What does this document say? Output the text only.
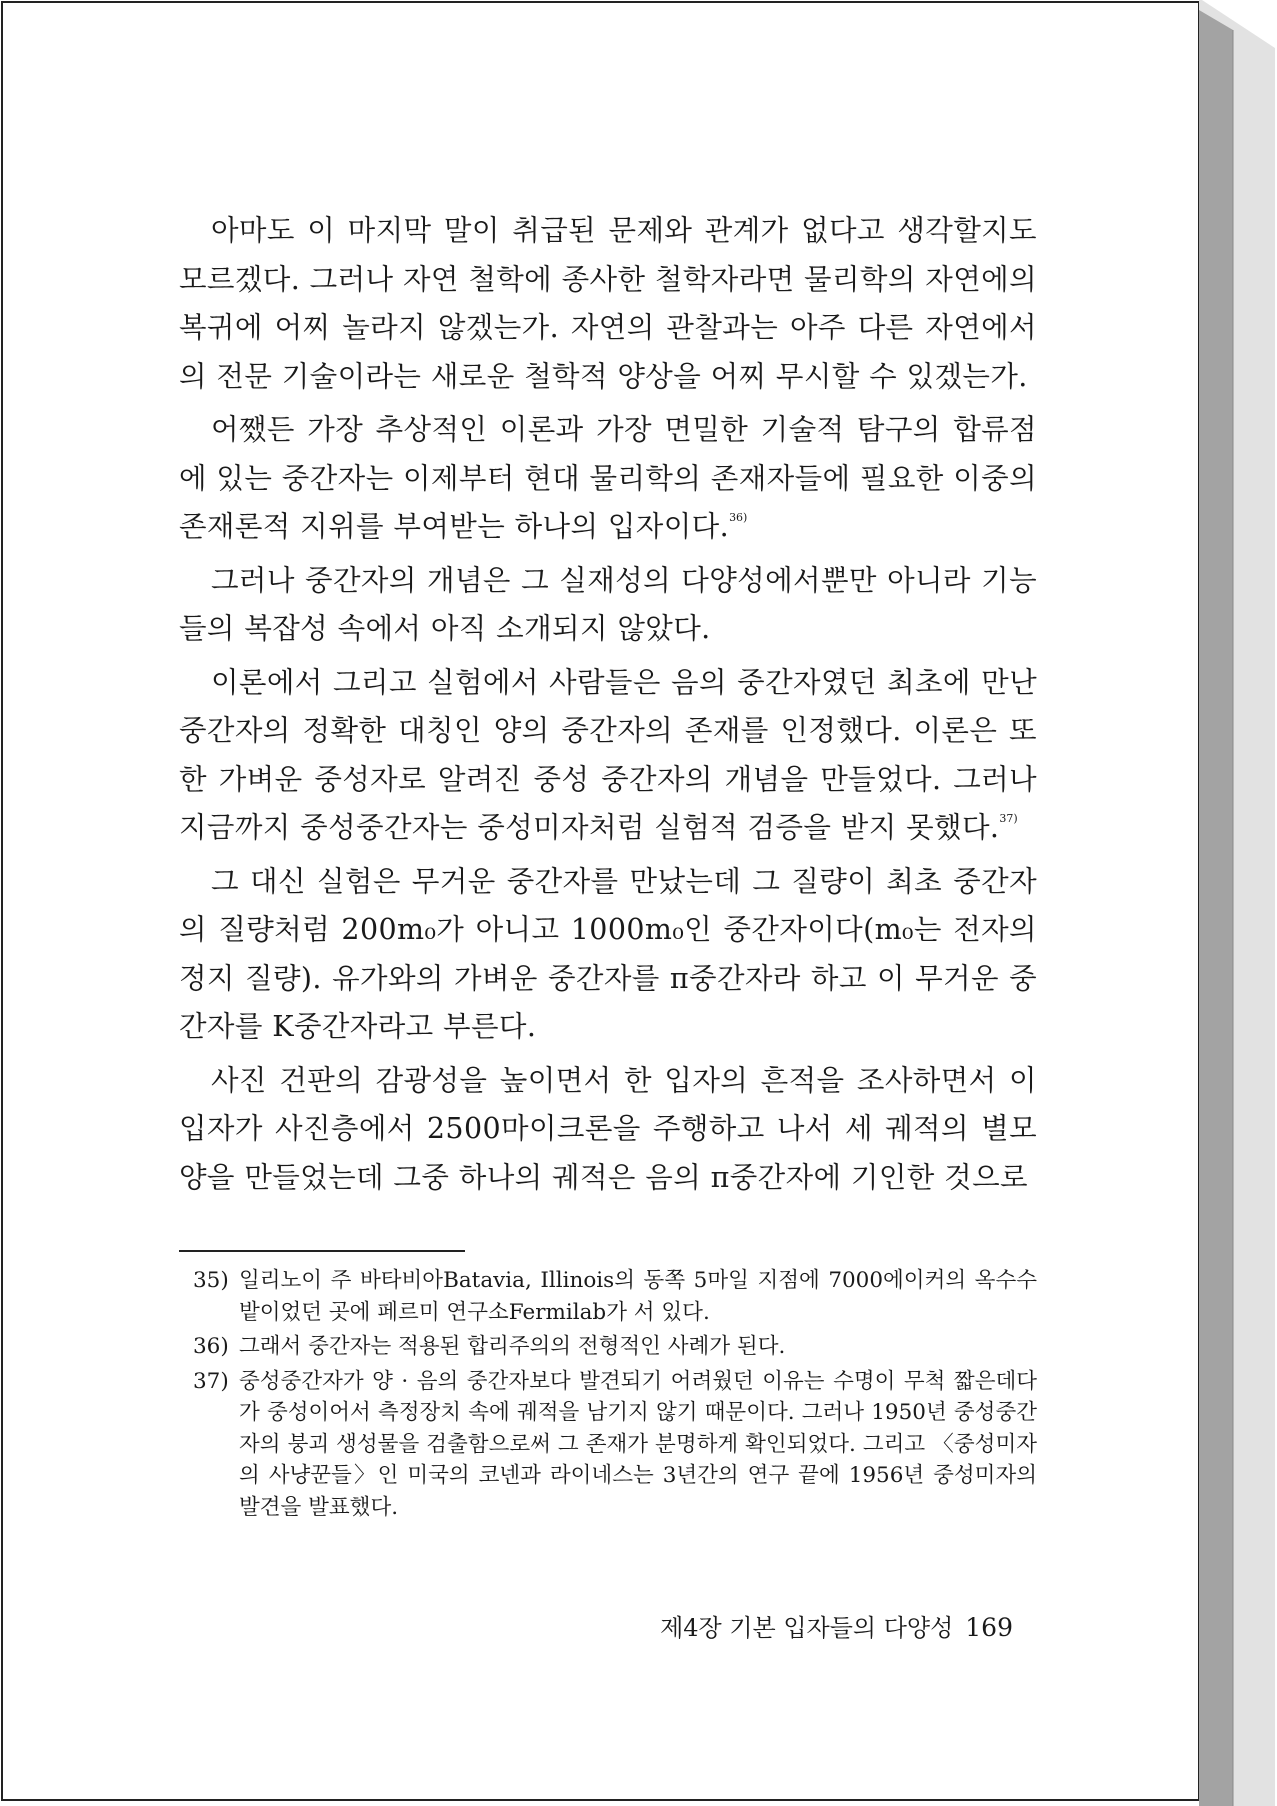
아마도 이 마지막 말이 취급된 문제와 관계가 없다고 생각할지도 모르겠다. 그러나 자연 철학에 종사한 철학자라면 물리학의 자연에의 복귀에 어찌 놀라지 않겠는가. 자연의 관찰과는 아주 다른 자연에서의 전문 기술이라는 새로운 철학적 양상을 어찌 무시할 수 있겠는가.

어쨌든 가장 추상적인 이론과 가장 면밀한 기술적 탐구의 합류점에 있는 중간자는 이제부터 현대 물리학의 존재자들에 필요한 이중의 존재론적 지위를 부여받는 하나의 입자이다.$^{36)}$

그러나 중간자의 개념은 그 실재성의 다양성에서뿐만 아니라 기능들의 복잡성 속에서 아직 소개되지 않았다.

이론에서 그리고 실험에서 사람들은 음의 중간자였던 최초에 만난 중간자의 정확한 대칭인 양의 중간자의 존재를 인정했다. 이론은 또한 가벼운 중성자로 알려진 중성 중간자의 개념을 만들었다. 그러나 지금까지 중성중간자는 중성미자처럼 실험적 검증을 받지 못했다.$^{37)}$

그 대신 실험은 무거운 중간자를 만났는데 그 질량이 최초 중간자의 질량처럼 200m₀가 아니고 1000m₀인 중간자이다(m₀는 전자의 정지 질량). 유가와의 가벼운 중간자를 π중간자라 하고 이 무거운 중간자를 K중간자라고 부른다.

사진 건판의 감광성을 높이면서 한 입자의 흔적을 조사하면서 이 입자가 사진층에서 2500마이크론을 주행하고 나서 세 궤적의 별모양을 만들었는데 그중 하나의 궤적은 음의 π중간자에 기인한 것으로

35) 일리노이 주 바타비아Batavia, Illinois의 동쪽 5마일 지점에 7000에이커의 옥수수 밭이었던 곳에 페르미 연구소Fermilab가 서 있다.
36) 그래서 중간자는 적용된 합리주의의 전형적인 사례가 된다.
37) 중성중간자가 양 · 음의 중간자보다 발견되기 어려웠던 이유는 수명이 무척 짧은데다가 중성이어서 측정장치 속에 궤적을 남기지 않기 때문이다. 그러나 1950년 중성중간자의 붕괴 생성물을 검출함으로써 그 존재가 분명하게 확인되었다. 그리고 〈중성미자의 사냥꾼들〉인 미국의 코넨과 라이네스는 3년간의 연구 끝에 1956년 중성미자의 발견을 발표했다.
제4장 기본 입자들의 다양성 169
